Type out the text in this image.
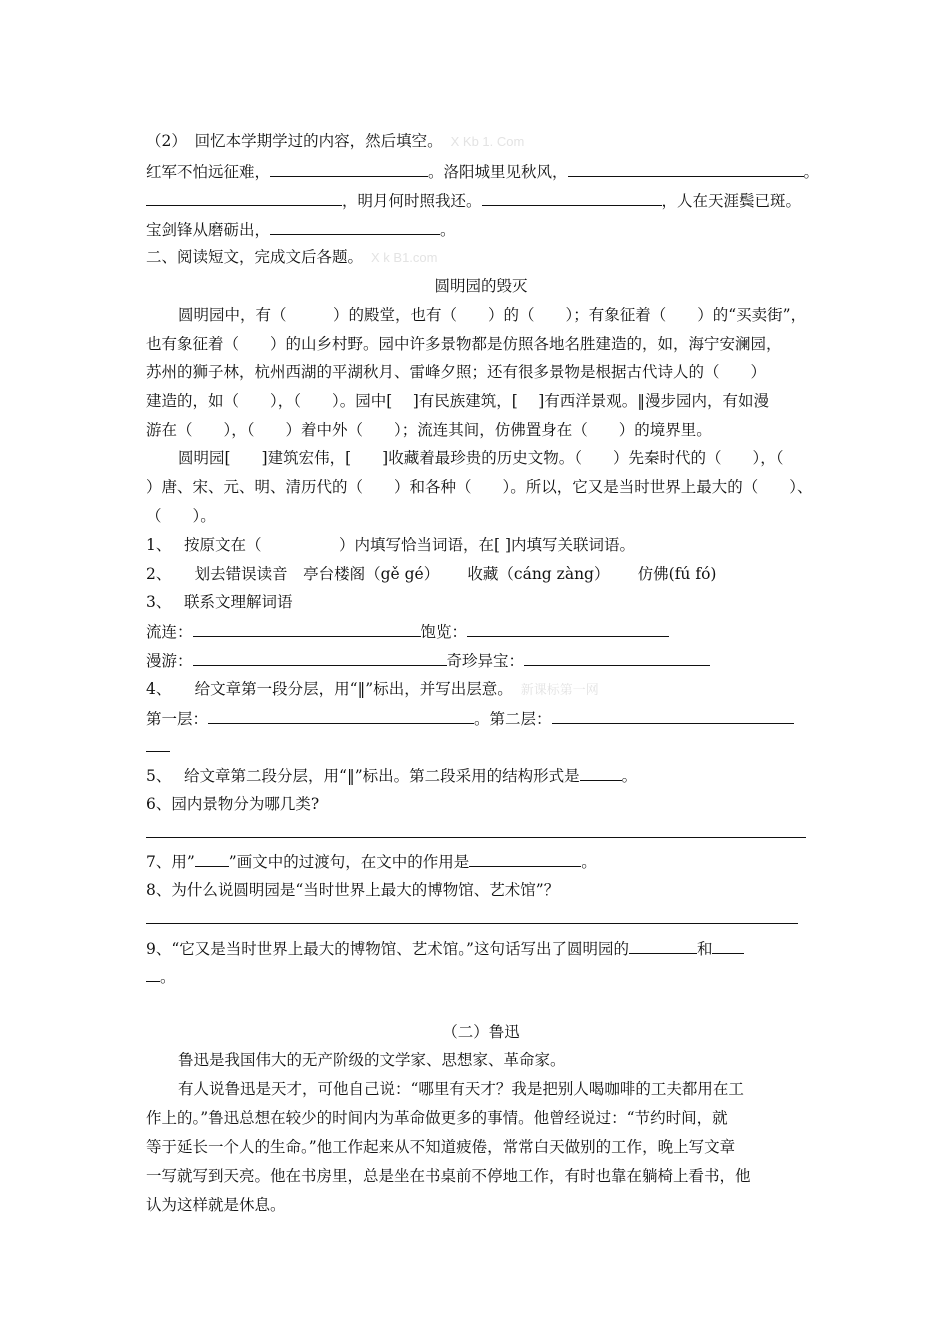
（2）　回忆本学期学过的内容，然后填空。 X Kb 1. Com
红军不怕远征难，	。洛阳城里见秋风，	。
，明月何时照我还。	，人在天涯鬓已斑。
宝剑锋从磨砺出，	。
二、阅读短文，完成文后各题。 X k B1.com
圆明园的毁灭
圆明园中，有（　　　）的殿堂，也有（　　）的（　　）；有象征着（　　）的“买卖街”，
也有象征着（　　）的山乡村野。园中许多景物都是仿照各地名胜建造的，如，海宁安澜园，
苏州的狮子林，杭州西湖的平湖秋月、雷峰夕照；还有很多景物是根据古代诗人的（　　）
建造的，如（　　），（　　）。园中[　 ]有民族建筑，[　 ]有西洋景观。‖漫步园内，有如漫
游在（　　），（　　）着中外（　　）；流连其间，仿佛置身在（　　）的境界里。
圆明园[　　]建筑宏伟，[　　]收藏着最珍贵的历史文物。（　　）先秦时代的（　　），（
）唐、宋、元、明、清历代的（　　）和各种（　　）。所以，它又是当时世界上最大的（　　）、
（　　）。
1、　 按原文在（　　　　　）内填写恰当词语，在[ ]内填写关联词语。
2、　　划去错误读音　亭台楼阁（gě gé）　　 收藏（cáng zàng）　　 仿佛(fú fó)
3、　 联系文理解词语
流连：	饱览：
漫游：	奇珍异宝：
4、　　给文章第一段分层，用“‖”标出，并写出层意。 新课标第一网
第一层：	。第二层：
5、　 给文章第二段分层，用“‖”标出。第二段采用的结构形式是	。
6、园内景物分为哪几类?
7、用” ”画文中的过渡句，在文中的作用是	。
8、为什么说圆明园是“当时世界上最大的博物馆、艺术馆”？
9、“它又是当时世界上最大的博物馆、艺术馆。”这句话写出了圆明园的	和
。
（二）鲁迅
鲁迅是我国伟大的无产阶级的文学家、思想家、革命家。
有人说鲁迅是天才，可他自己说：“哪里有天才？我是把别人喝咖啡的工夫都用在工
作上的。”鲁迅总想在较少的时间内为革命做更多的事情。他曾经说过：“节约时间，就
等于延长一个人的生命。”他工作起来从不知道疲倦，常常白天做别的工作，晚上写文章
一写就写到天亮。他在书房里，总是坐在书桌前不停地工作，有时也靠在躺椅上看书，他
认为这样就是休息。
